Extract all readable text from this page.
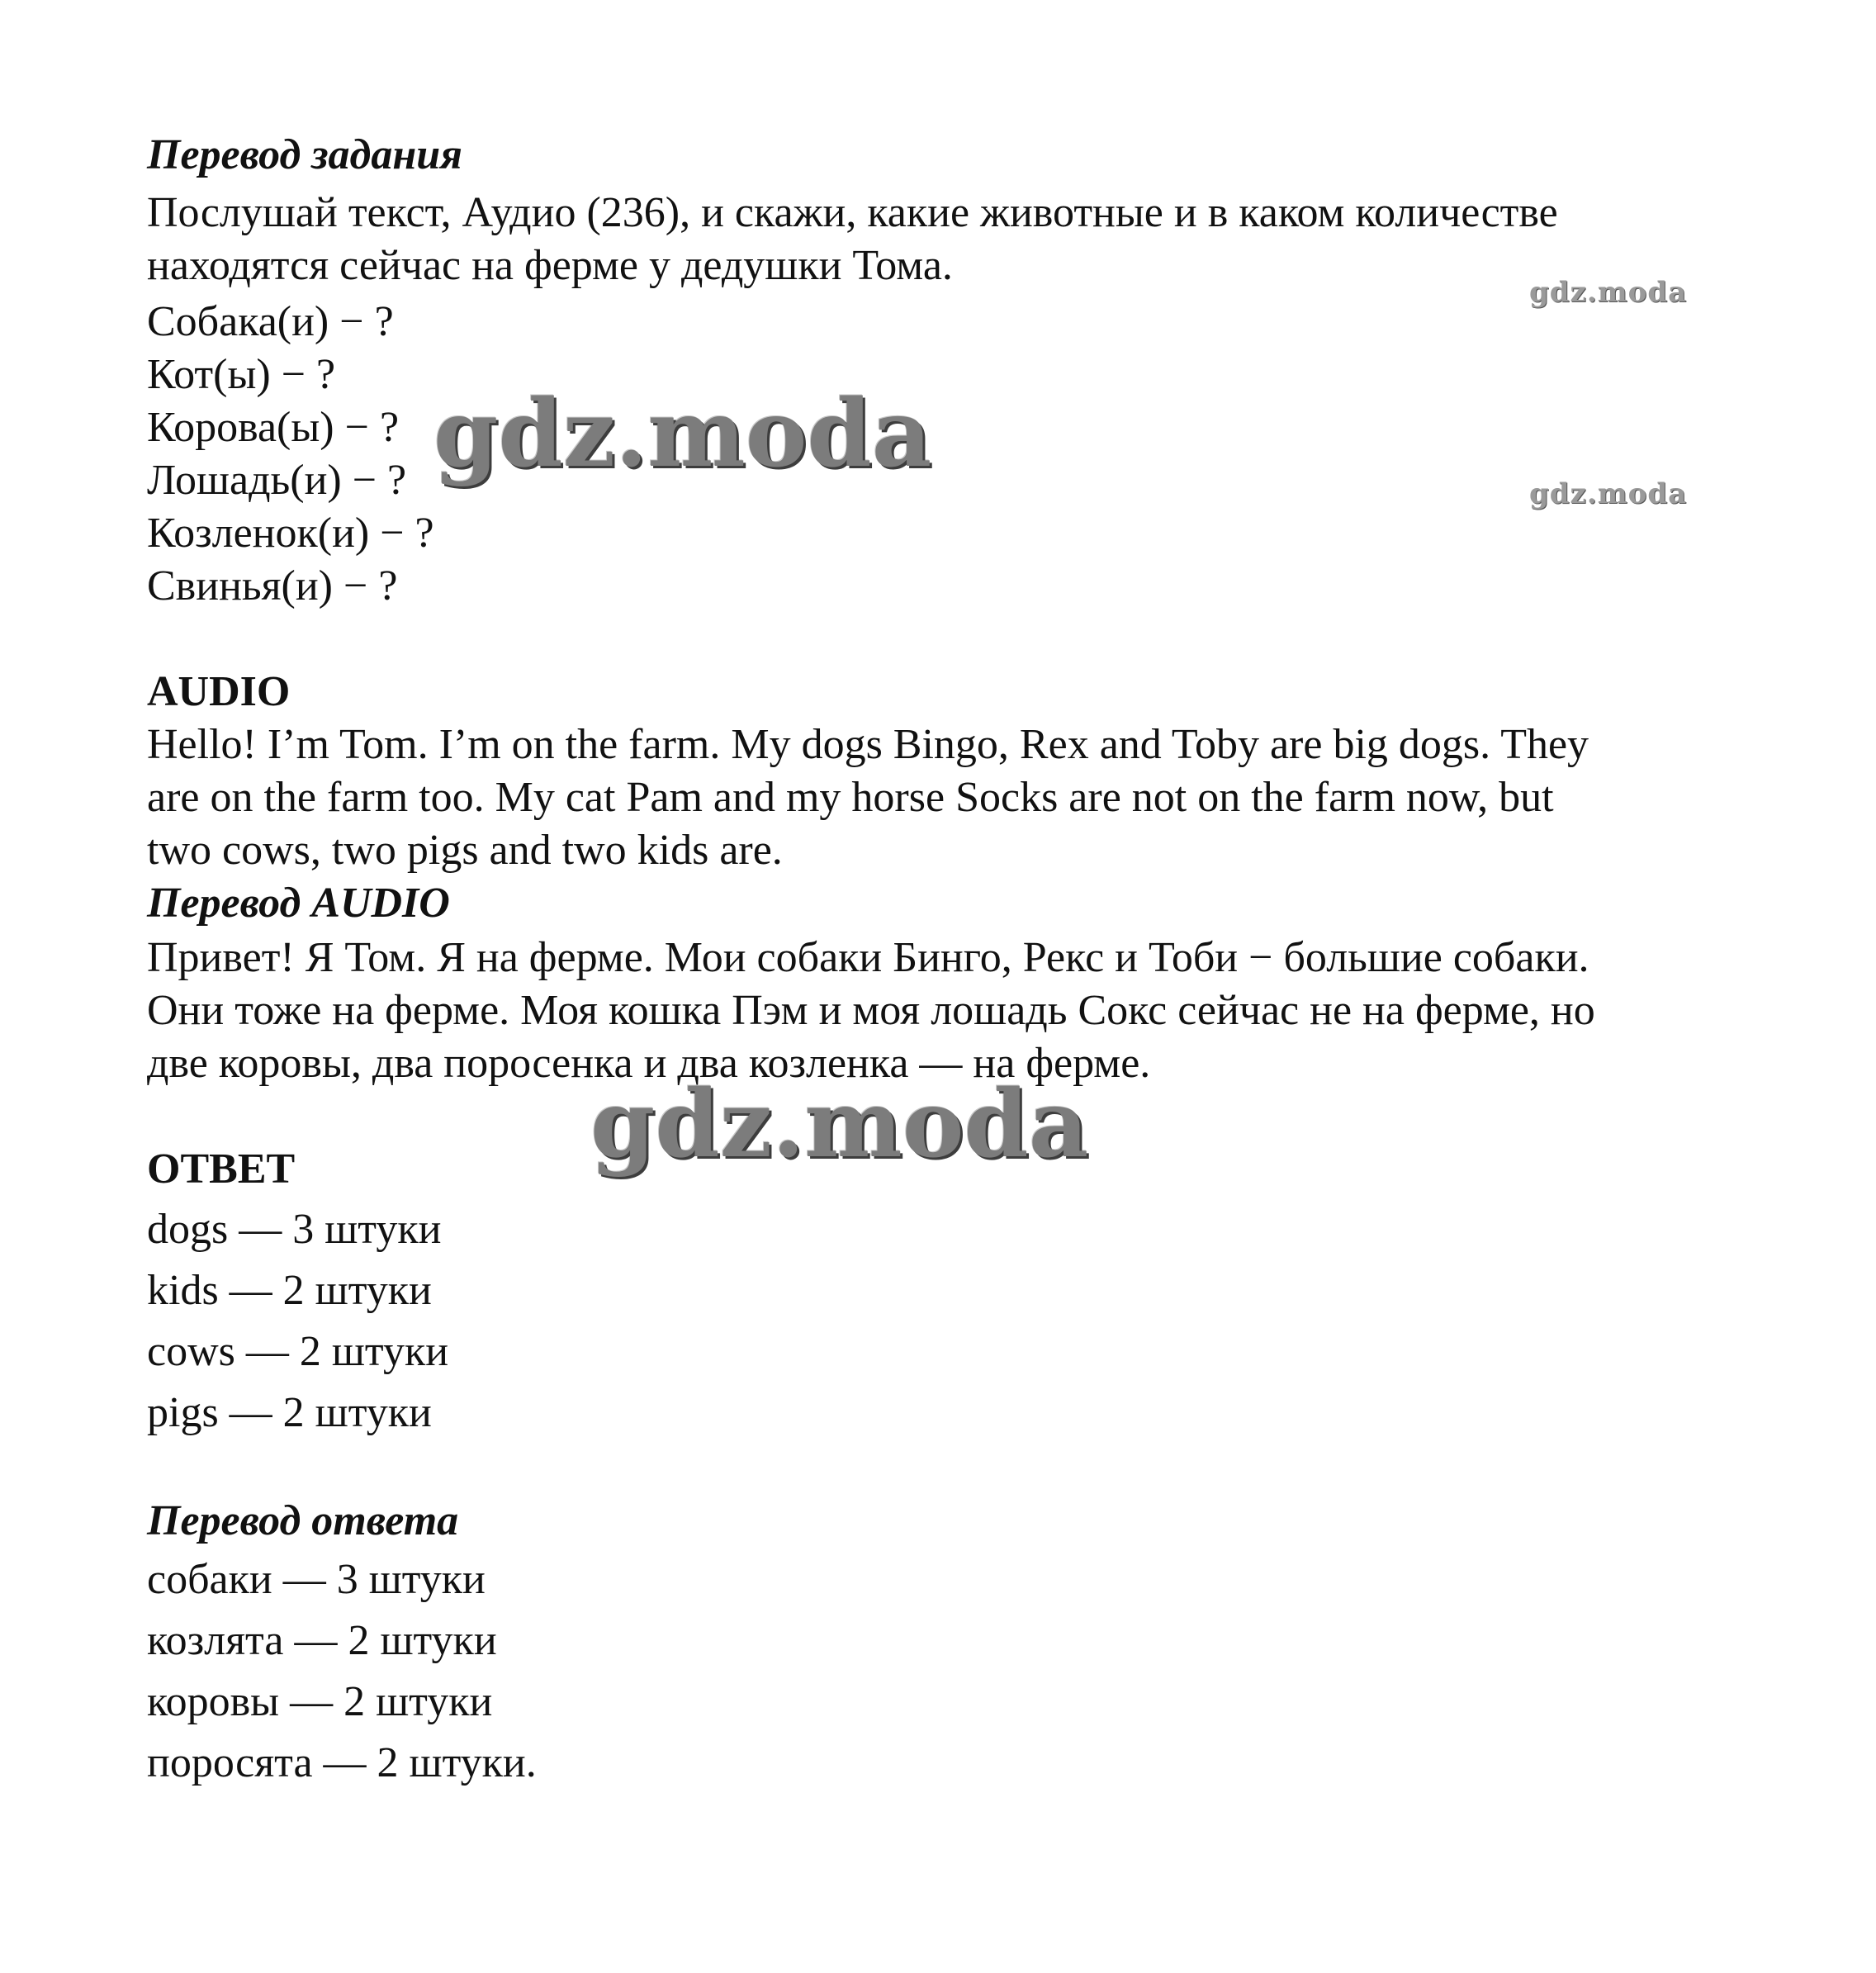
Перевод задания
Послушай текст, Аудио (236), и скажи, какие животные и в каком количестве
находятся сейчас на ферме у дедушки Тома.
Собака(и) − ?
Кот(ы) − ?
Корова(ы) − ?
Лошадь(и) − ?
Козленок(и) − ?
Свинья(и) − ?
AUDIO
Hello! I’m Tom. I’m on the farm. My dogs Bingo, Rex and Toby are big dogs. They
are on the farm too. My cat Pam and my horse Socks are not on the farm now, but
two cows, two pigs and two kids are.
Перевод AUDIO
Привет! Я Том. Я на ферме. Мои собаки Бинго, Рекс и Тоби − большие собаки.
Они тоже на ферме. Моя кошка Пэм и моя лошадь Сокс сейчас не на ферме, но
две коровы, два поросенка и два козленка — на ферме.
ОТВЕТ
dogs — 3 штуки
kids — 2 штуки
cows — 2 штуки
pigs — 2 штуки
Перевод ответа
собаки — 3 штуки
козлята — 2 штуки
коровы — 2 штуки
поросята — 2 штуки.
gdz.moda
gdz.moda
gdz.moda
gdz.moda
